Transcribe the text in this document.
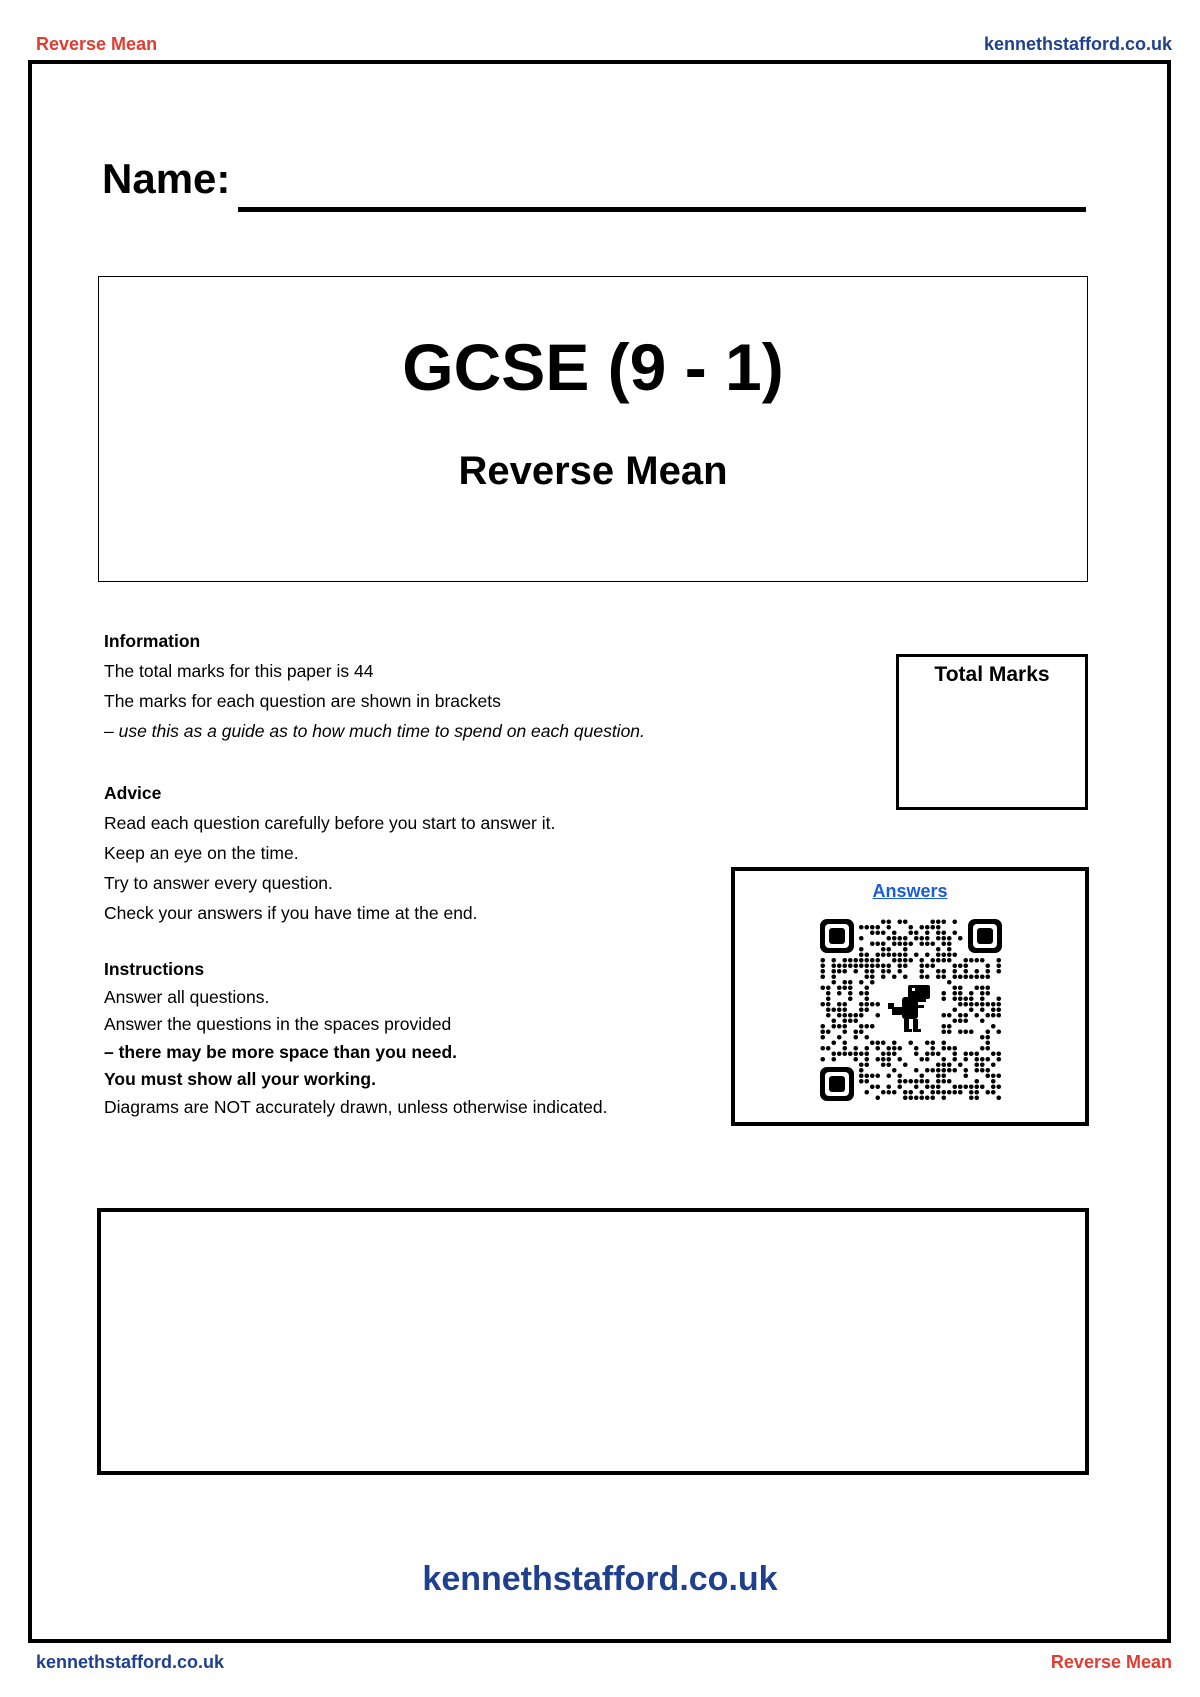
Reverse Mean	kennethstafford.co.uk
Name:
GCSE (9 - 1)
Reverse Mean
Information
The total marks for this paper is 44
The marks for each question are shown in brackets
– use this as a guide as to how much time to spend on each question.
Advice
Read each question carefully before you start to answer it.
Keep an eye on the time.
Try to answer every question.
Check your answers if you have time at the end.
Instructions
Answer all questions.
Answer the questions in the spaces provided
– there may be more space than you need.
You must show all your working.
Diagrams are NOT accurately drawn, unless otherwise indicated.
Total Marks
Answers
kennethstafford.co.uk
kennethstafford.co.uk	Reverse Mean
